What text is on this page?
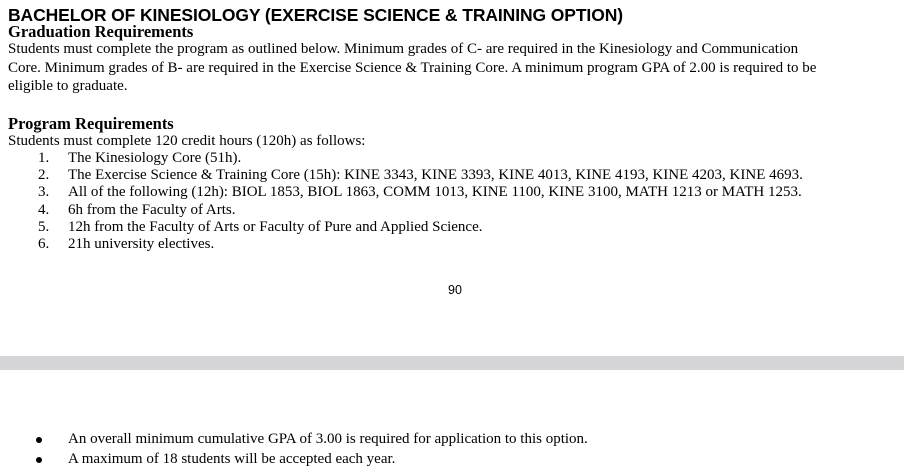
BACHELOR OF KINESIOLOGY (EXERCISE SCIENCE & TRAINING OPTION)
Graduation Requirements

Students must complete the program as outlined below. Minimum grades of C- are required in the Kinesiology and Communication

Core. Minimum grades of B- are required in the Exercise Science & Training Core. A minimum program GPA of 2.00 is required to be

eligible to graduate.

Program Requirements

Students must complete 120 credit hours (120h) as follows:

1.	The Kinesiology Core (51h).
2.	The Exercise Science & Training Core (15h): KINE 3343, KINE 3393, KINE 4013, KINE 4193, KINE 4203, KINE 4693.
3.	All of the following (12h): BIOL 1853, BIOL 1863, COMM 1013, KINE 1100, KINE 3100, MATH 1213 or MATH 1253.
4.	6h from the Faculty of Arts.
5.	12h from the Faculty of Arts or Faculty of Pure and Applied Science.
6.	21h university electives.
90
An overall minimum cumulative GPA of 3.00 is required for application to this option.
A maximum of 18 students will be accepted each year.
